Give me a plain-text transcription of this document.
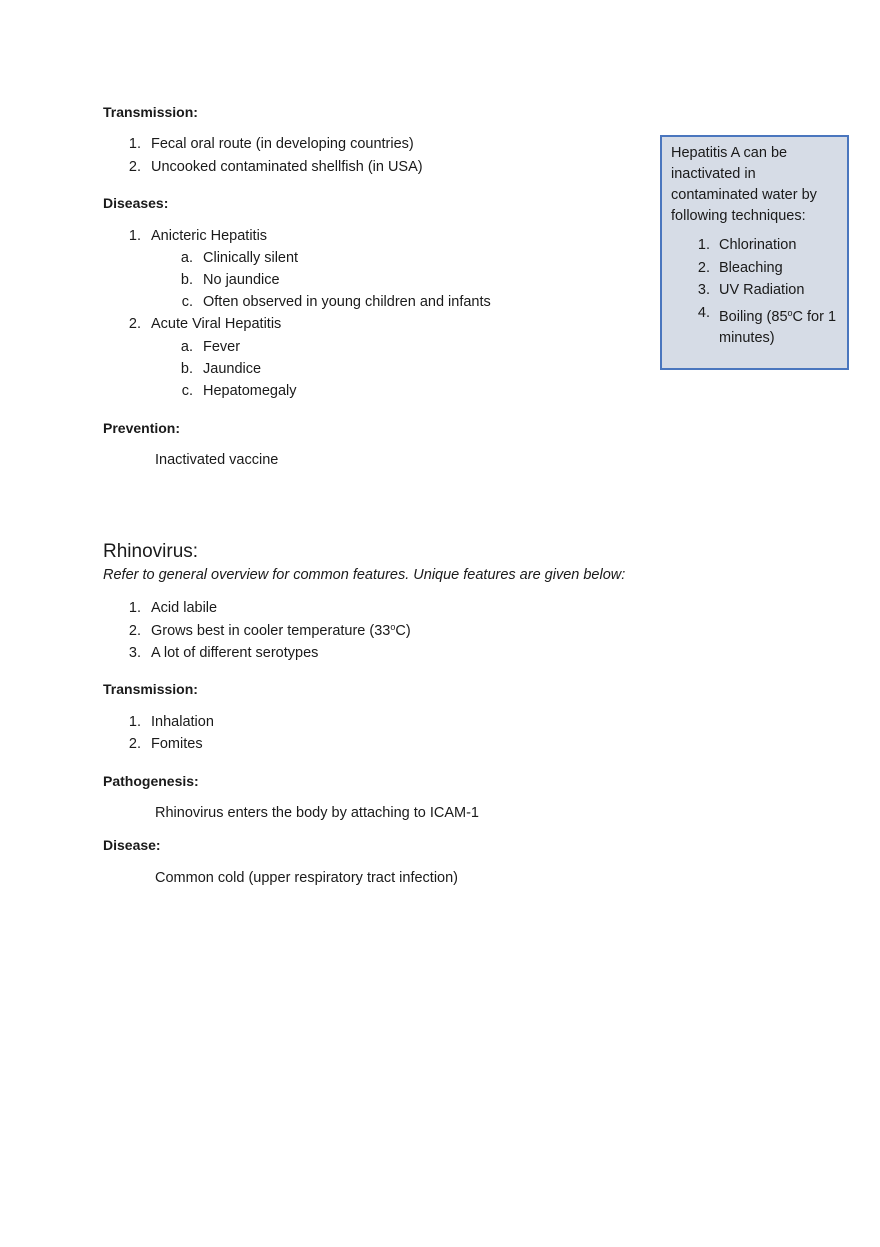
Transmission:
1. Fecal oral route (in developing countries)
2. Uncooked contaminated shellfish (in USA)
Diseases:
1. Anicteric Hepatitis
a. Clinically silent
b. No jaundice
c. Often observed in young children and infants
2. Acute Viral Hepatitis
a. Fever
b. Jaundice
c. Hepatomegaly
Prevention:
Inactivated vaccine
Hepatitis A can be inactivated in contaminated water by following techniques:
1. Chlorination
2. Bleaching
3. UV Radiation
4. Boiling (85$^o$C for 1 minutes)
Rhinovirus:
Refer to general overview for common features. Unique features are given below:
1. Acid labile
2. Grows best in cooler temperature (33$^o$C)
3. A lot of different serotypes
Transmission:
1. Inhalation
2. Fomites
Pathogenesis:
Rhinovirus enters the body by attaching to ICAM-1
Disease:
Common cold (upper respiratory tract infection)
